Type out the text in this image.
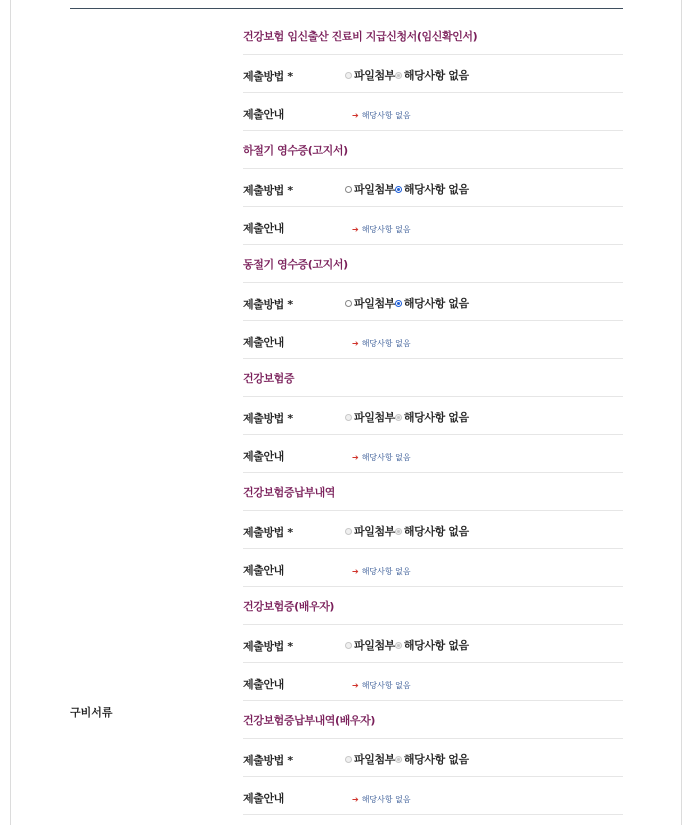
구비서류
건강보험 임신출산 진료비 지급신청서(임신확인서)
제출방법 *	파일첨부 해당사항 없음
제출안내	➔ 해당사항 없음
하절기 영수증(고지서)
제출방법 *	파일첨부 해당사항 없음
제출안내	➔ 해당사항 없음
동절기 영수증(고지서)
제출방법 *	파일첨부 해당사항 없음
제출안내	➔ 해당사항 없음
건강보험증
제출방법 *	파일첨부 해당사항 없음
제출안내	➔ 해당사항 없음
건강보험증납부내역
제출방법 *	파일첨부 해당사항 없음
제출안내	➔ 해당사항 없음
건강보험증(배우자)
제출방법 *	파일첨부 해당사항 없음
제출안내	➔ 해당사항 없음
건강보험증납부내역(배우자)
제출방법 *	파일첨부 해당사항 없음
제출안내	➔ 해당사항 없음
